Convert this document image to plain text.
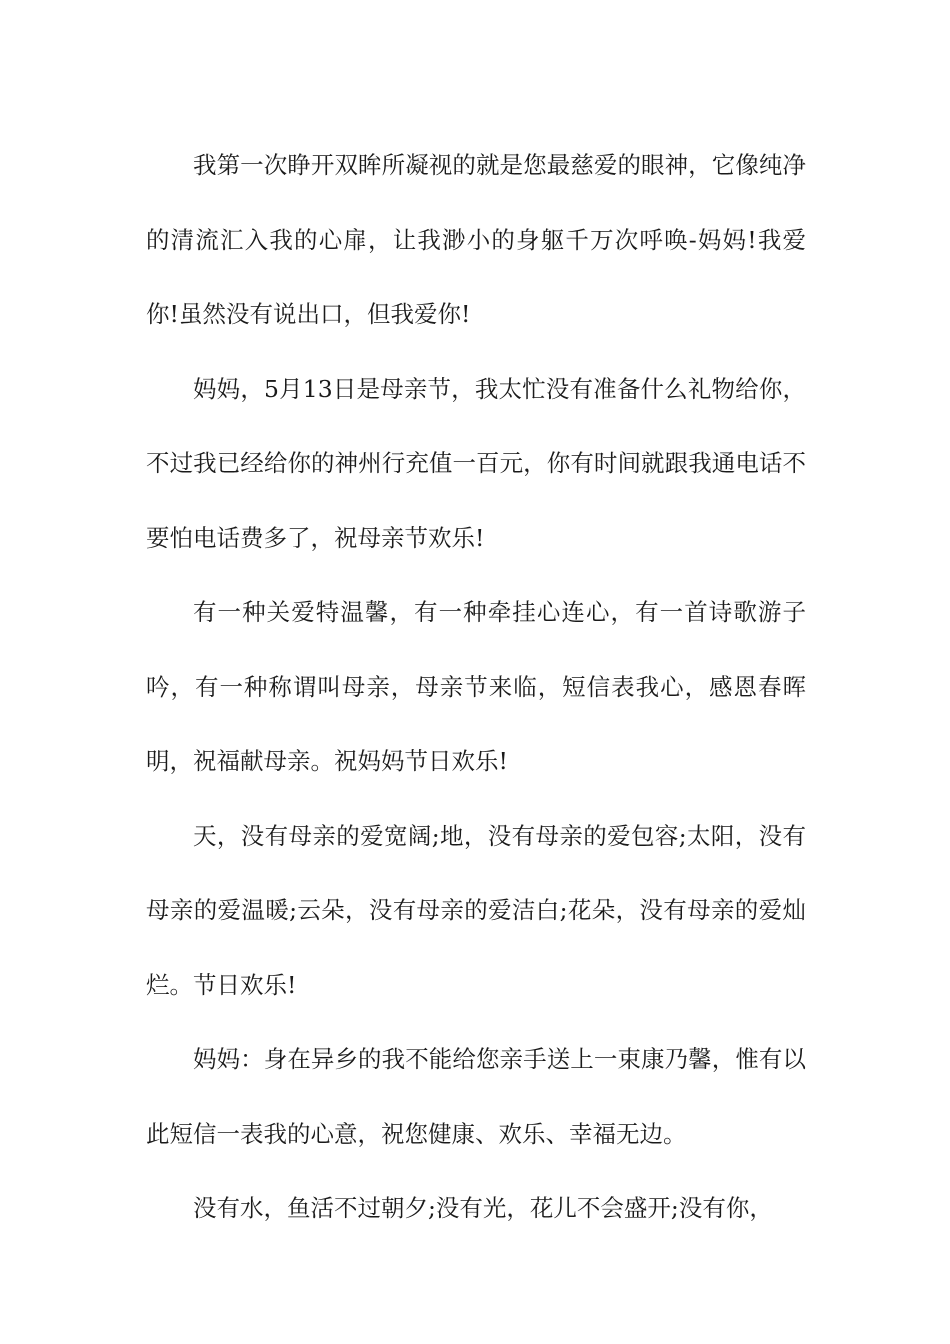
我第一次睁开双眸所凝视的就是您最慈爱的眼神，它像纯净的清流汇入我的心扉，让我渺小的身躯千万次呼唤-妈妈!我爱你!虽然没有说出口，但我爱你!

妈妈，5月13日是母亲节，我太忙没有准备什么礼物给你，不过我已经给你的神州行充值一百元，你有时间就跟我通电话不要怕电话费多了，祝母亲节欢乐!

有一种关爱特温馨，有一种牵挂心连心，有一首诗歌游子吟，有一种称谓叫母亲，母亲节来临，短信表我心，感恩春晖明，祝福献母亲。祝妈妈节日欢乐!

天，没有母亲的爱宽阔;地，没有母亲的爱包容;太阳，没有母亲的爱温暖;云朵，没有母亲的爱洁白;花朵，没有母亲的爱灿烂。节日欢乐!

妈妈：身在异乡的我不能给您亲手送上一束康乃馨，惟有以此短信一表我的心意，祝您健康、欢乐、幸福无边。

没有水，鱼活不过朝夕;没有光，花儿不会盛开;没有你，
